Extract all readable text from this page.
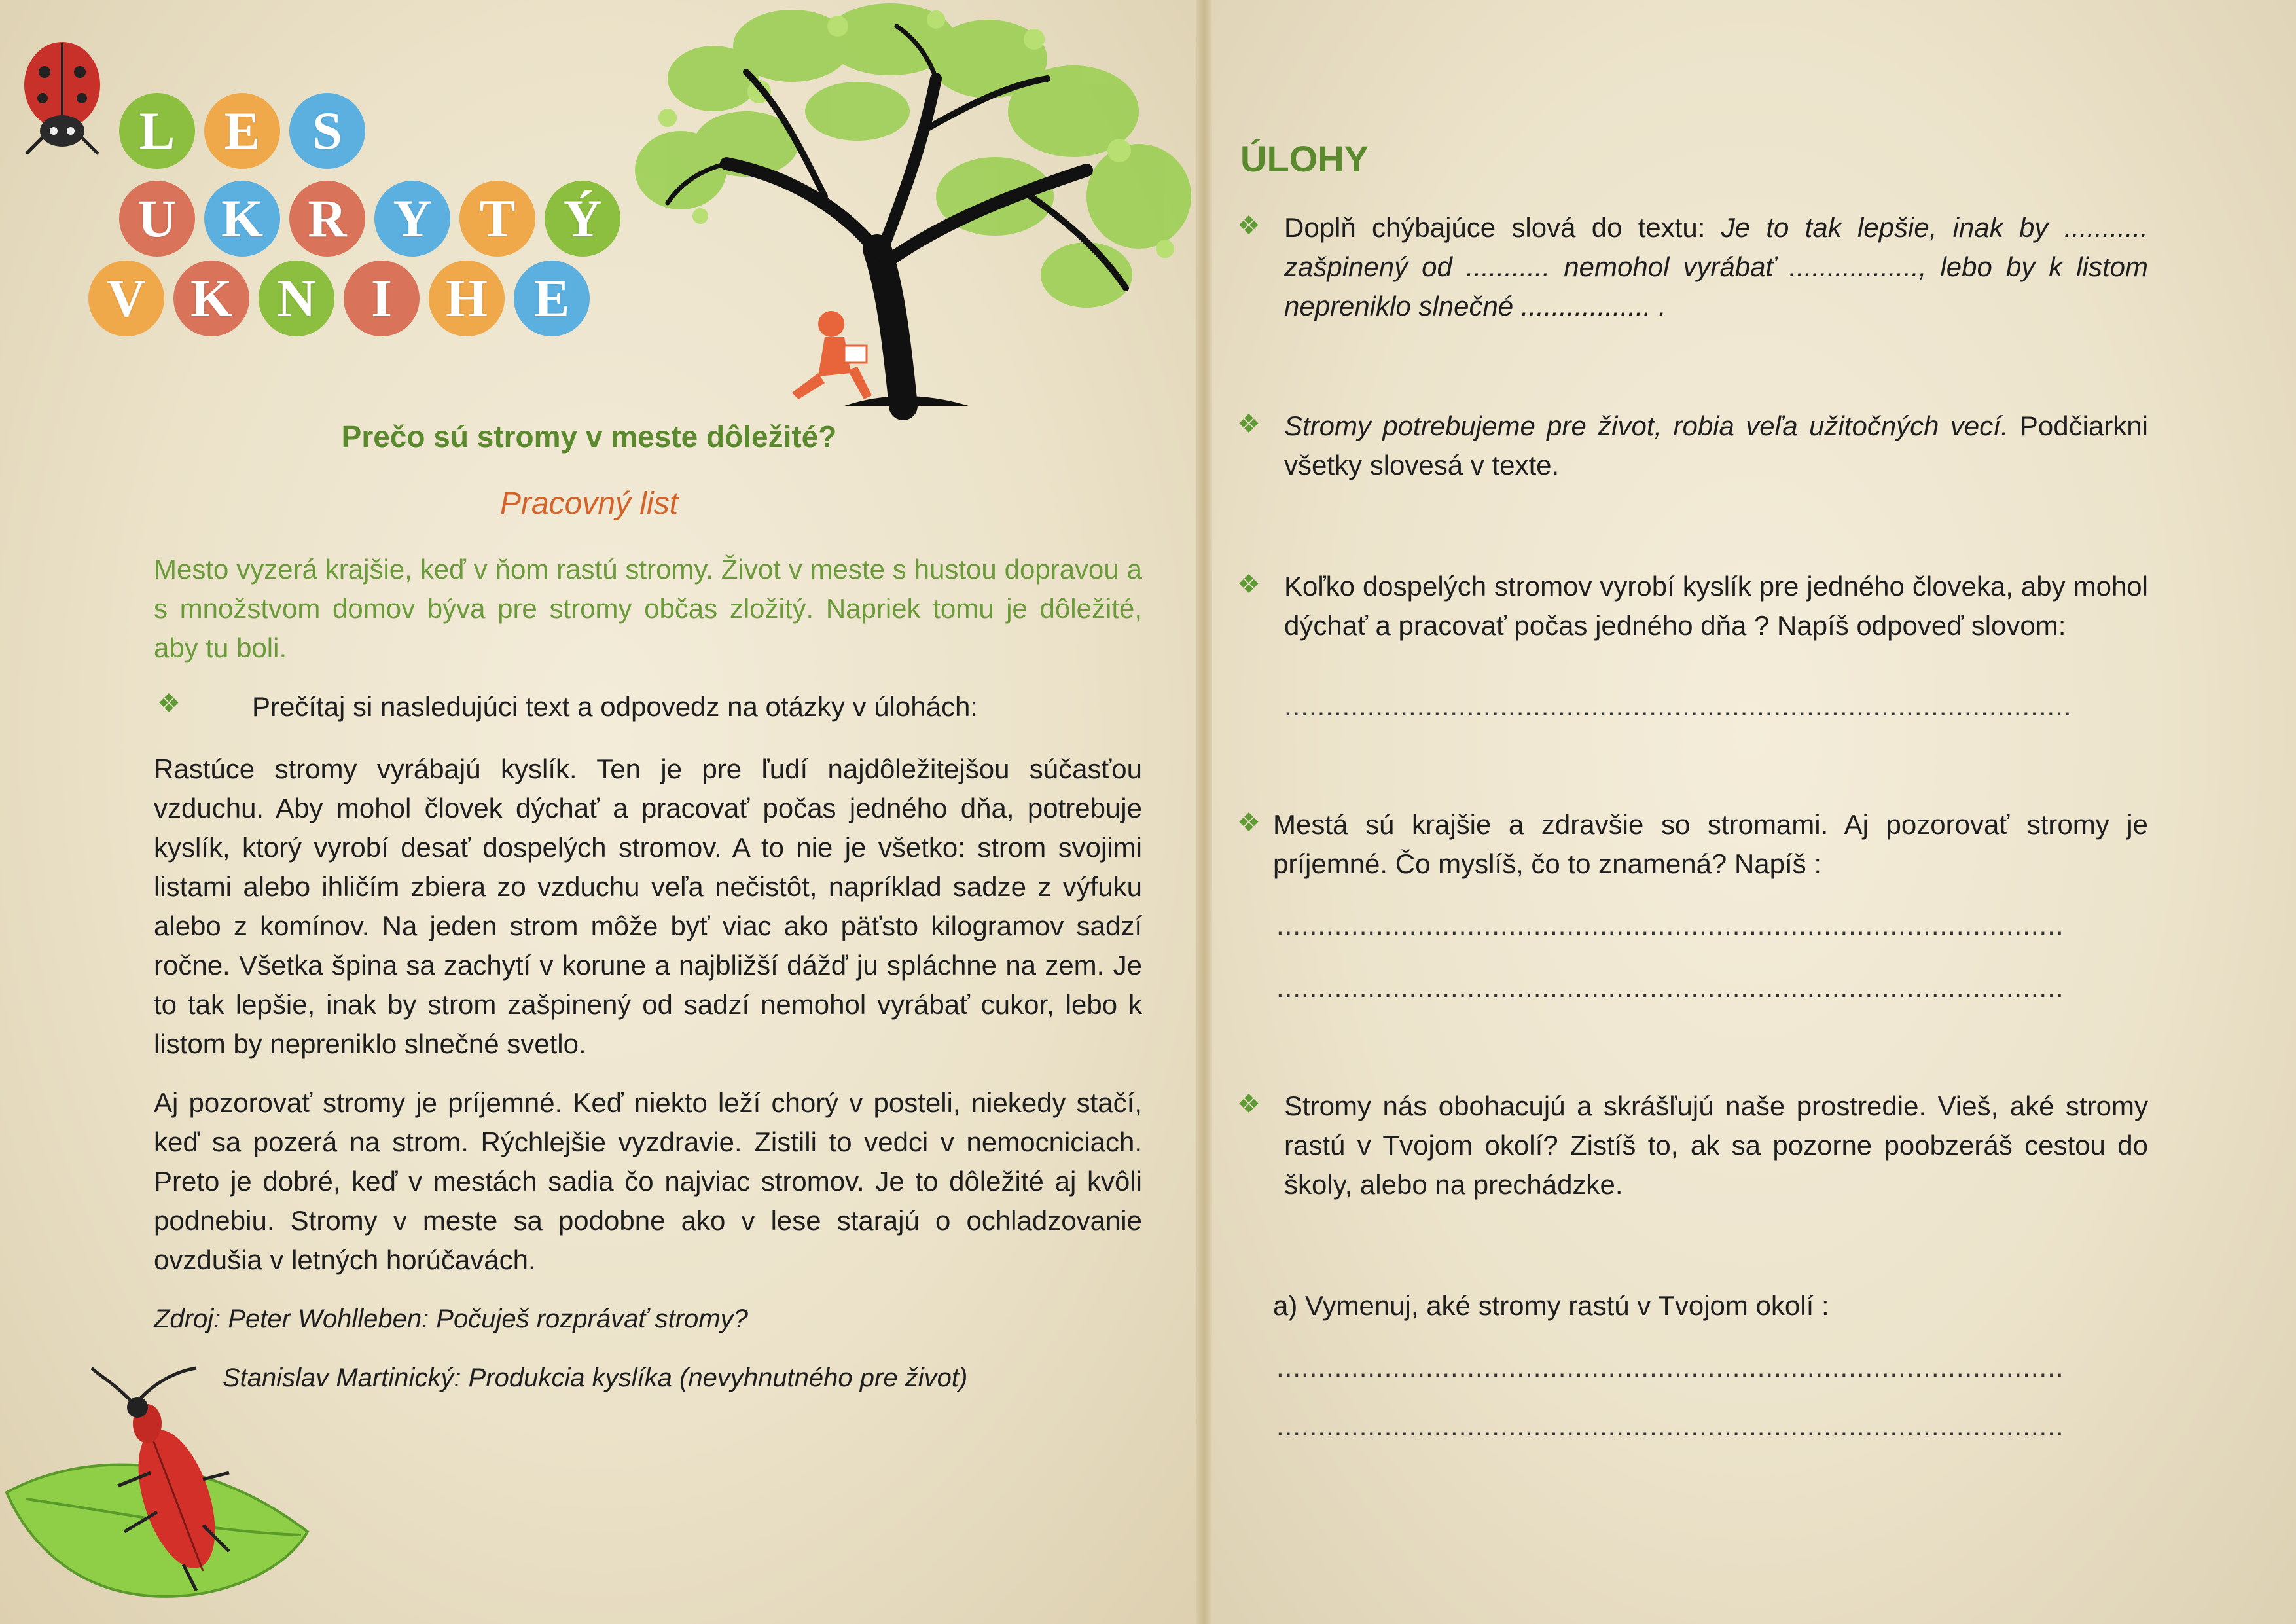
L E S
U K R Y T Ý
V K N	I	H E
Prečo sú stromy v meste dôležité?
Pracovný list
Mesto vyzerá krajšie, keď v ňom rastú stromy. Život v meste s hustou dopravou a s množstvom domov býva pre stromy občas zložitý. Napriek tomu je dôležité, aby tu boli.
❖	Prečítaj si nasledujúci text a odpovedz na otázky v úlohách:
Rastúce stromy vyrábajú kyslík. Ten je pre ľudí najdôležitejšou súčasťou vzduchu. Aby mohol človek dýchať a pracovať počas jedného dňa, potrebuje kyslík, ktorý vyrobí desať dospelých stromov. A to nie je všetko: strom svojimi listami alebo ihličím zbiera zo vzduchu veľa nečistôt, napríklad sadze z výfuku alebo z komínov. Na jeden strom môže byť viac ako päťsto kilogramov sadzí ročne. Všetka špina sa zachytí v korune a najbližší dážď ju spláchne na zem. Je to tak lepšie, inak by strom zašpinený od sadzí nemohol vyrábať cukor, lebo k listom by nepreniklo slnečné svetlo.
Aj pozorovať stromy je príjemné. Keď niekto leží chorý v posteli, niekedy stačí, keď sa pozerá na strom. Rýchlejšie vyzdravie. Zistili to vedci v nemocniciach. Preto je dobré, keď v mestách sadia čo najviac stromov. Je to dôležité aj kvôli podnebiu. Stromy v meste sa podobne ako v lese starajú o ochladzovanie ovzdušia v letných horúčavách.
Zdroj: Peter Wohlleben: Počuješ rozprávať stromy?
Stanislav Martinický: Produkcia kyslíka (nevyhnutného pre život)
ÚLOHY
❖ Doplň chýbajúce slová do textu: Je to tak lepšie, inak by ........... zašpinený od ........... nemohol vyrábať ................., lebo by k listom nepreniklo slnečné ................. .
❖ Stromy potrebujeme pre život, robia veľa užitočných vecí. Podčiarkni všetky slovesá v texte.
❖ Koľko dospelých stromov vyrobí kyslík pre jedného človeka, aby mohol dýchať a pracovať počas jedného dňa ? Napíš odpoveď slovom:
...............................................................................................
❖ Mestá sú krajšie a zdravšie so stromami. Aj pozorovať stromy je príjemné. Čo myslíš, čo to znamená? Napíš :
...............................................................................................
...............................................................................................
❖ Stromy nás obohacujú a skrášľujú naše prostredie. Vieš, aké stromy rastú v Tvojom okolí? Zistíš to, ak sa pozorne poobzeráš cestou do školy, alebo na prechádzke.
a) Vymenuj, aké stromy rastú v Tvojom okolí :
...............................................................................................
...............................................................................................
